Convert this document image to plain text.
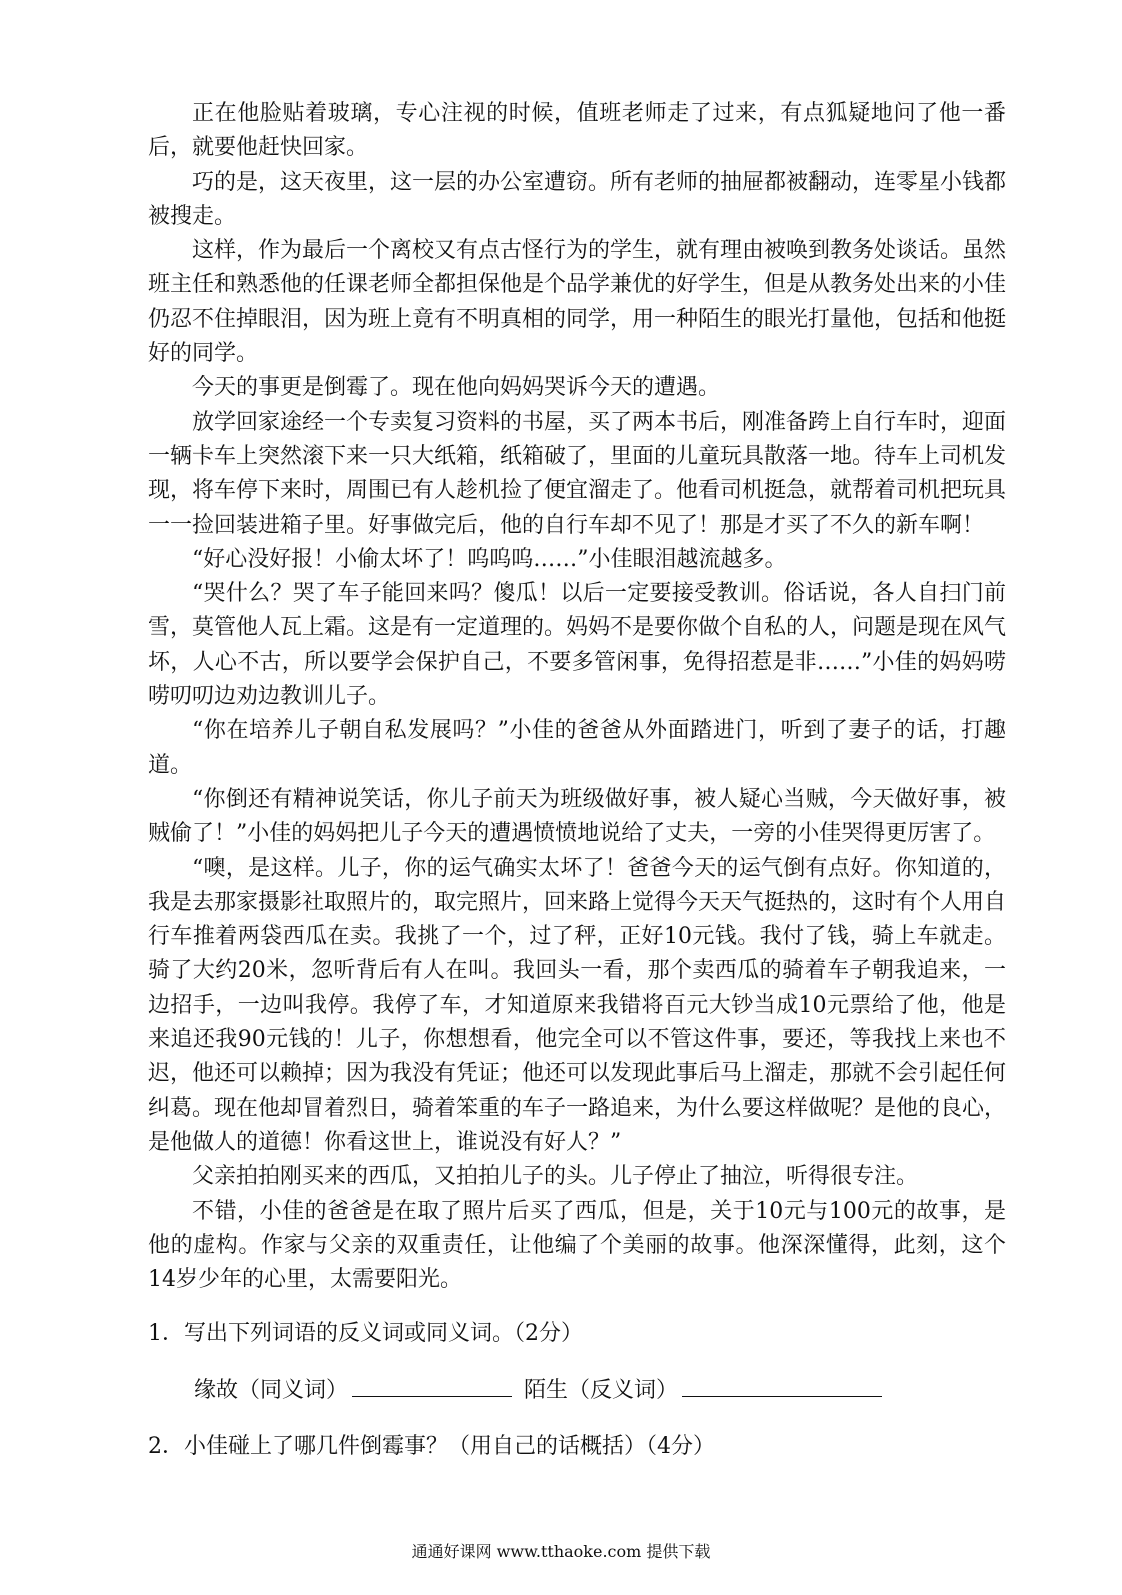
正在他脸贴着玻璃，专心注视的时候，值班老师走了过来，有点狐疑地问了他一番后，就要他赶快回家。

巧的是，这天夜里，这一层的办公室遭窃。所有老师的抽屉都被翻动，连零星小钱都被搜走。

这样，作为最后一个离校又有点古怪行为的学生，就有理由被唤到教务处谈话。虽然班主任和熟悉他的任课老师全都担保他是个品学兼优的好学生，但是从教务处出来的小佳仍忍不住掉眼泪，因为班上竟有不明真相的同学，用一种陌生的眼光打量他，包括和他挺好的同学。

今天的事更是倒霉了。现在他向妈妈哭诉今天的遭遇。

放学回家途经一个专卖复习资料的书屋，买了两本书后，刚准备跨上自行车时，迎面一辆卡车上突然滚下来一只大纸箱，纸箱破了，里面的儿童玩具散落一地。待车上司机发现，将车停下来时，周围已有人趁机捡了便宜溜走了。他看司机挺急，就帮着司机把玩具一一捡回装进箱子里。好事做完后，他的自行车却不见了！那是才买了不久的新车啊！

“好心没好报！小偷太坏了！呜呜呜……”小佳眼泪越流越多。

“哭什么？哭了车子能回来吗？傻瓜！以后一定要接受教训。俗话说，各人自扫门前雪，莫管他人瓦上霜。这是有一定道理的。妈妈不是要你做个自私的人，问题是现在风气坏，人心不古，所以要学会保护自己，不要多管闲事，免得招惹是非……”小佳的妈妈唠唠叨叨边劝边教训儿子。

“你在培养儿子朝自私发展吗？”小佳的爸爸从外面踏进门，听到了妻子的话，打趣道。

“你倒还有精神说笑话，你儿子前天为班级做好事，被人疑心当贼，今天做好事，被贼偷了！”小佳的妈妈把儿子今天的遭遇愤愤地说给了丈夫，一旁的小佳哭得更厉害了。

“噢，是这样。儿子，你的运气确实太坏了！爸爸今天的运气倒有点好。你知道的，我是去那家摄影社取照片的，取完照片，回来路上觉得今天天气挺热的，这时有个人用自行车推着两袋西瓜在卖。我挑了一个，过了秤，正好10元钱。我付了钱，骑上车就走。骑了大约20米，忽听背后有人在叫。我回头一看，那个卖西瓜的骑着车子朝我追来，一边招手，一边叫我停。我停了车，才知道原来我错将百元大钞当成10元票给了他，他是来追还我90元钱的！儿子，你想想看，他完全可以不管这件事，要还，等我找上来也不迟，他还可以赖掉；因为我没有凭证；他还可以发现此事后马上溜走，那就不会引起任何纠葛。现在他却冒着烈日，骑着笨重的车子一路追来，为什么要这样做呢？是他的良心，是他做人的道德！你看这世上，谁说没有好人？”

父亲拍拍刚买来的西瓜，又拍拍儿子的头。儿子停止了抽泣，听得很专注。

不错，小佳的爸爸是在取了照片后买了西瓜，但是，关于10元与100元的故事，是他的虚构。作家与父亲的双重责任，让他编了个美丽的故事。他深深懂得，此刻，这个14岁少年的心里，太需要阳光。

1．写出下列词语的反义词或同义词。（2分）
缘故（同义词）	陌生（反义词）
2．小佳碰上了哪几件倒霉事？（用自己的话概括）（4分）
通通好课网 www.tthaoke.com 提供下载
